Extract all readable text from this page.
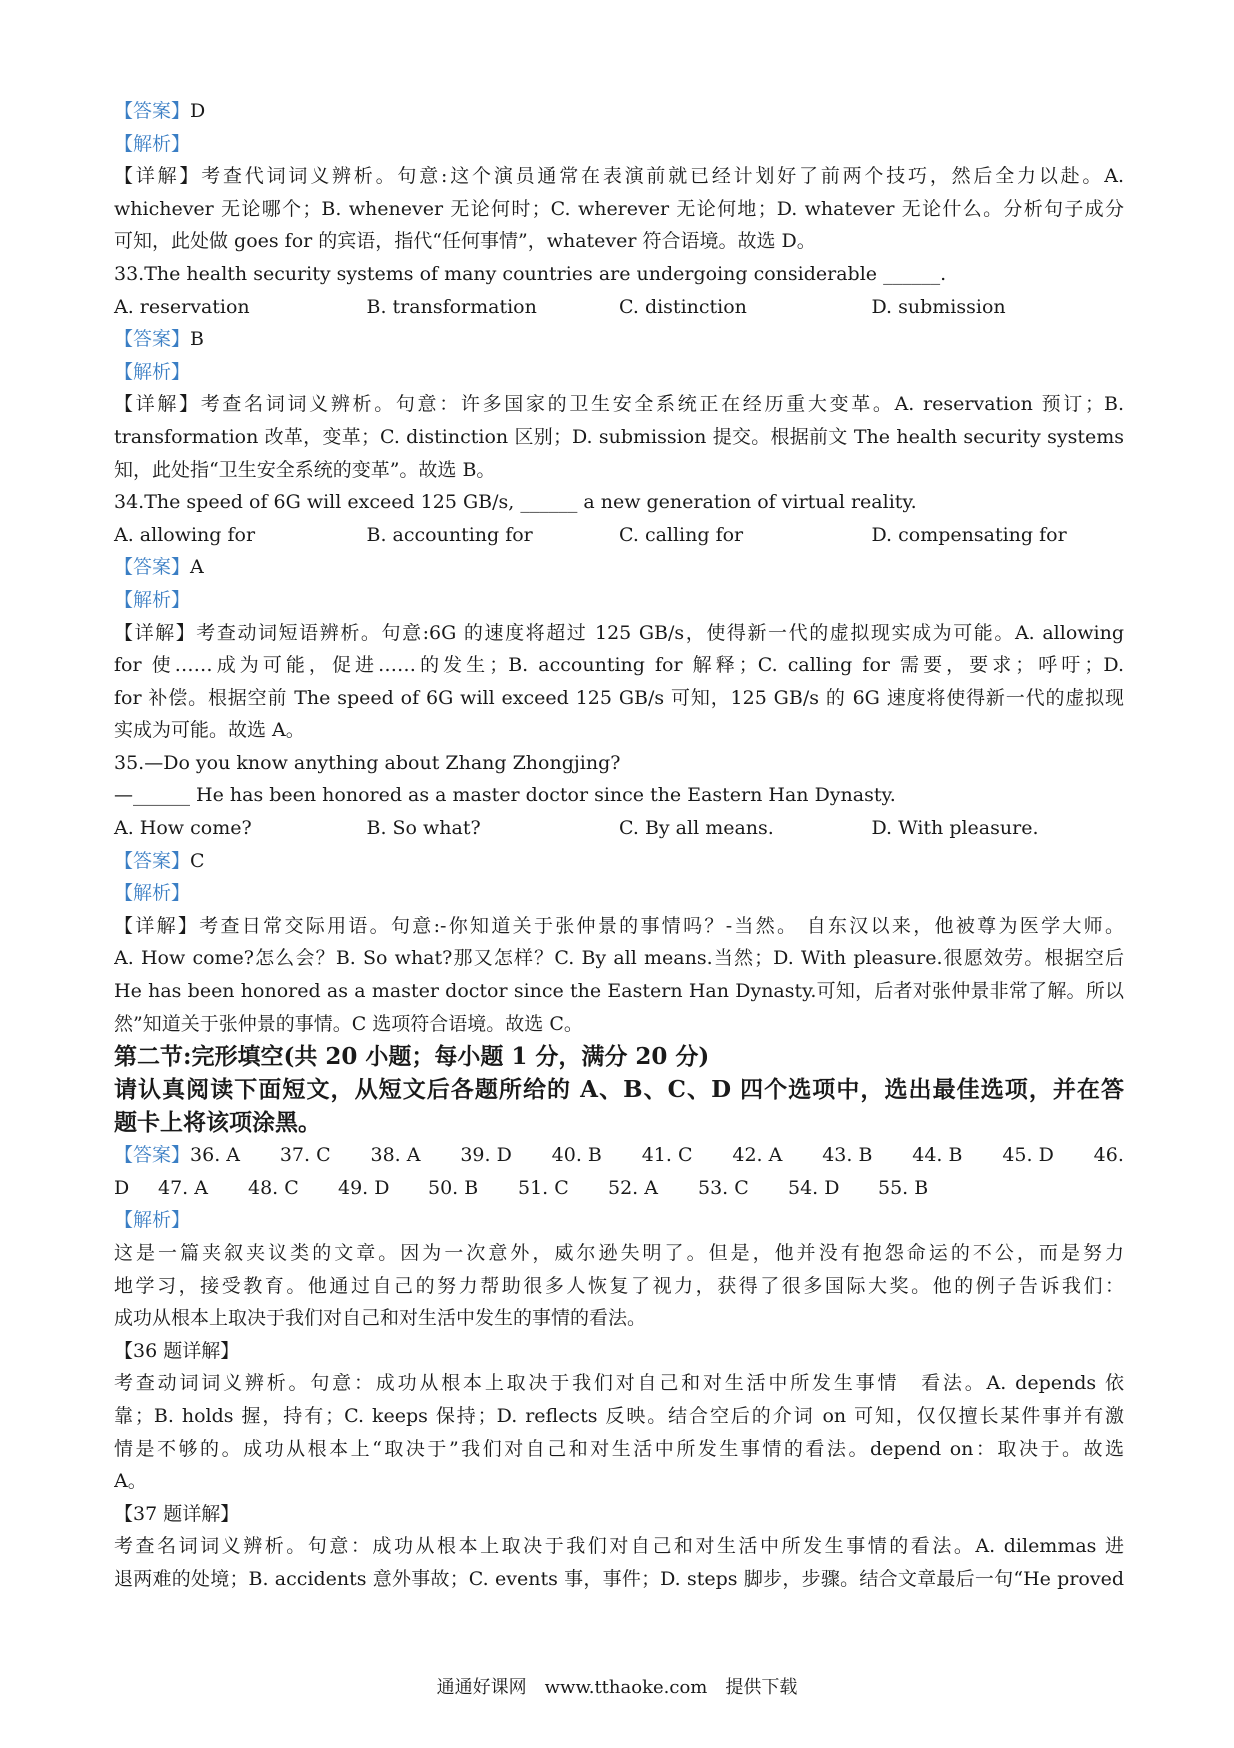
【答案】D
【解析】
【详解】考查代词词义辨析。句意:这个演员通常在表演前就已经计划好了前两个技巧，然后全力以赴。A.
whichever 无论哪个；B. whenever 无论何时；C. wherever 无论何地；D. whatever 无论什么。分析句子成分
可知，此处做 goes for 的宾语，指代“任何事情”，whatever 符合语境。故选 D。
33.The health security systems of many countries are undergoing considerable ______.
A. reservation	B. transformation	C. distinction	D. submission
【答案】B
【解析】
【详解】考查名词词义辨析。句意：许多国家的卫生安全系统正在经历重大变革。A. reservation 预订；B.
transformation 改革，变革；C. distinction 区别；D. submission 提交。根据前文 The health security systems
知，此处指“卫生安全系统的变革”。故选 B。
34.The speed of 6G will exceed 125 GB/s, ______ a new generation of virtual reality.
A. allowing for	B. accounting for	C. calling for	D. compensating for
【答案】A
【解析】
【详解】考查动词短语辨析。句意:6G 的速度将超过 125 GB/s，使得新一代的虚拟现实成为可能。A. allowing
for 使……成为可能，促进……的发生；B. accounting for 解释；C. calling for 需要，要求；呼吁；D.
for 补偿。根据空前 The speed of 6G will exceed 125 GB/s 可知，125 GB/s 的 6G 速度将使得新一代的虚拟现
实成为可能。故选 A。
35.—Do you know anything about Zhang Zhongjing?
—______ He has been honored as a master doctor since the Eastern Han Dynasty.
A. How come?	B. So what?	C. By all means.	D. With pleasure.
【答案】C
【解析】
【详解】考查日常交际用语。句意:-你知道关于张仲景的事情吗？-当然。 自东汉以来，他被尊为医学大师。
A. How come?怎么会？B. So what?那又怎样？C. By all means.当然；D. With pleasure.很愿效劳。根据空后
He has been honored as a master doctor since the Eastern Han Dynasty.可知，后者对张仲景非常了解。所以
然”知道关于张仲景的事情。C 选项符合语境。故选 C。
第二节:完形填空(共 20 小题；每小题 1 分，满分 20 分)
请认真阅读下面短文，从短文后各题所给的 A、B、C、D 四个选项中，选出最佳选项，并在答
题卡上将该项涂黑。
【答案】36. A 37. C 38. A 39. D 40. B 41. C 42. A 43. B 44. B 45. D 46.
D 47. A 48. C 49. D 50. B 51. C 52. A 53. C 54. D 55. B
【解析】
这是一篇夹叙夹议类的文章。因为一次意外，威尔逊失明了。但是，他并没有抱怨命运的不公，而是努力
地学习，接受教育。他通过自己的努力帮助很多人恢复了视力，获得了很多国际大奖。他的例子告诉我们：
成功从根本上取决于我们对自己和对生活中发生的事情的看法。
【36 题详解】
考查动词词义辨析。句意：成功从根本上取决于我们对自己和对生活中所发生事情　看法。A. depends 依
靠；B. holds 握，持有；C. keeps 保持；D. reflects 反映。结合空后的介词 on 可知，仅仅擅长某件事并有激
情是不够的。成功从根本上“取决于”我们对自己和对生活中所发生事情的看法。depend on：取决于。故选
A。
【37 题详解】
考查名词词义辨析。句意：成功从根本上取决于我们对自己和对生活中所发生事情的看法。A. dilemmas 进
退两难的处境；B. accidents 意外事故；C. events 事，事件；D. steps 脚步，步骤。结合文章最后一句“He proved
通通好课网　www.tthaoke.com　提供下载
